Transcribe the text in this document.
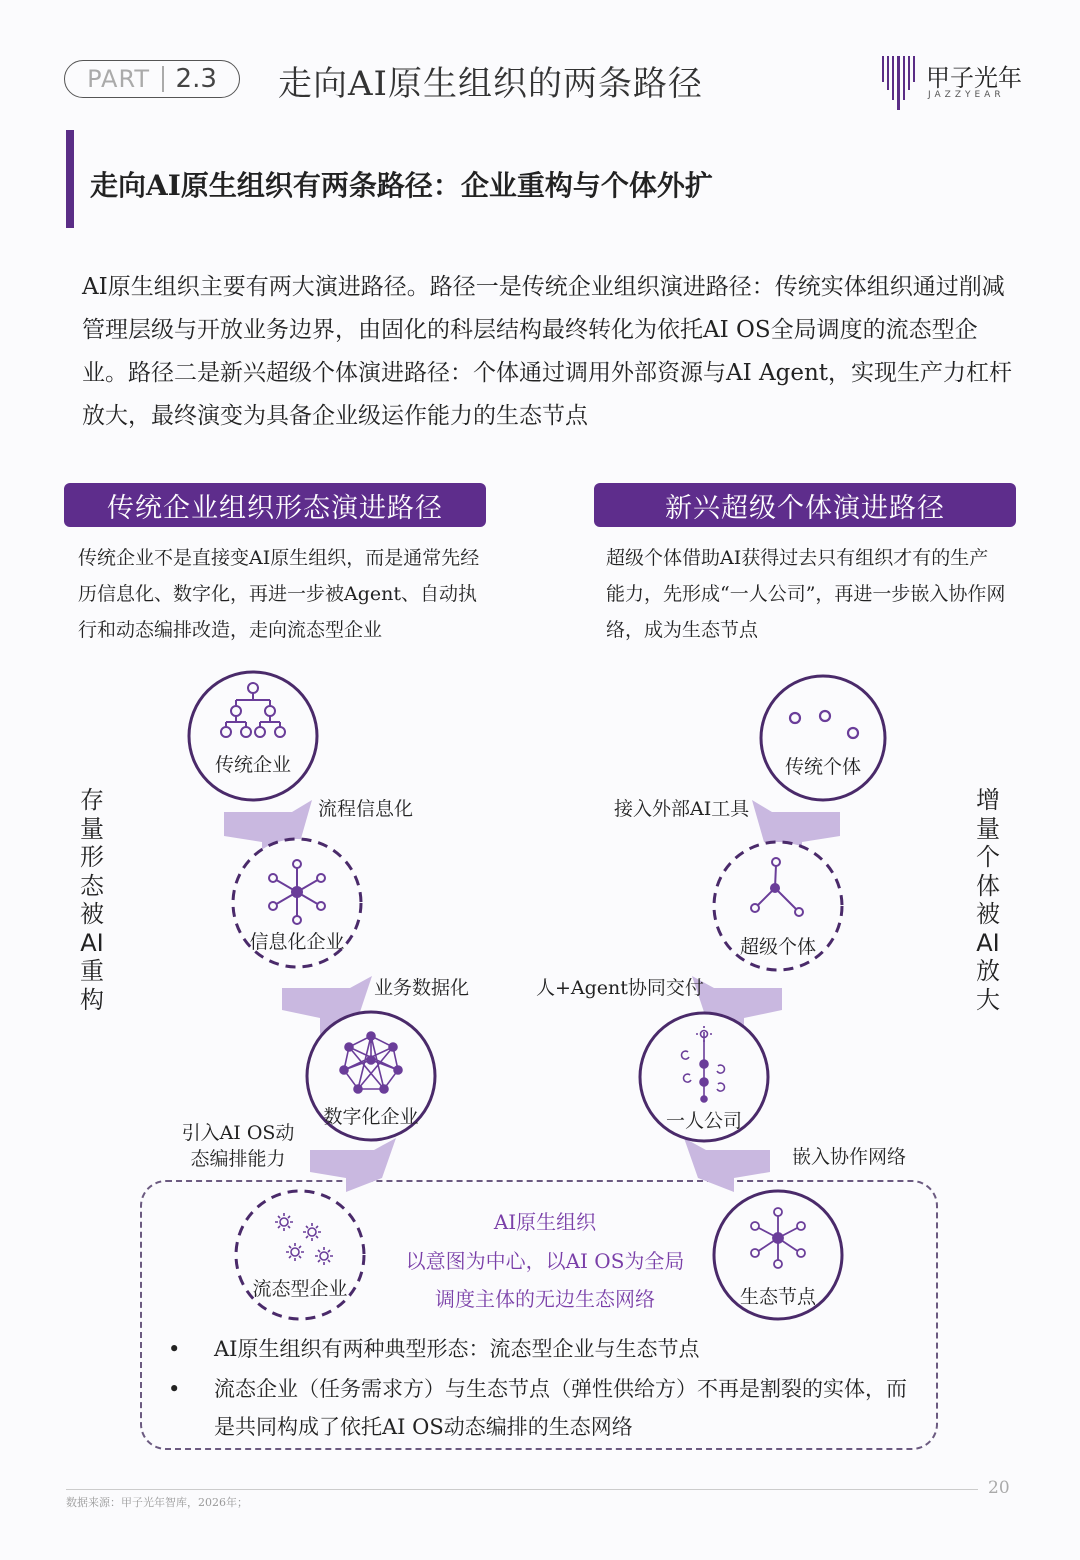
PART 2.3 走向AI原生组织的两条路径	甲子光年
JAZZYEAR
走向AI原生组织有两条路径：企业重构与个体外扩
AI原生组织主要有两大演进路径。路径一是传统企业组织演进路径：传统实体组织通过削减管理层级与开放业务边界，由固化的科层结构最终转化为依托AI OS全局调度的流态型企业。路径二是新兴超级个体演进路径：个体通过调用外部资源与AI Agent，实现生产力杠杆放大，最终演变为具备企业级运作能力的生态节点
传统企业组织形态演进路径	新兴超级个体演进路径
传统企业不是直接变AI原生组织，而是通常先经历信息化、数字化，再进一步被Agent、自动执行和动态编排改造，走向流态型企业
超级个体借助AI获得过去只有组织才有的生产能力，先形成“一人公司”，再进一步嵌入协作网络，成为生态节点
存量形态被AI重构
增量个体被AI放大
传统企业
信息化企业
数字化企业
流态型企业
传统个体
超级个体
一人公司
生态节点
流程信息化
业务数据化
引入AI OS动态编排能力
接入外部AI工具
人+Agent协同交付
嵌入协作网络
AI原生组织
以意图为中心，以AI OS为全局调度主体的无边生态网络
• AI原生组织有两种典型形态：流态型企业与生态节点
•	流态企业（任务需求方）与生态节点（弹性供给方）不再是割裂的实体，而是共同构成了依托AI OS动态编排的生态网络
数据来源：甲子光年智库，2026年；
20
